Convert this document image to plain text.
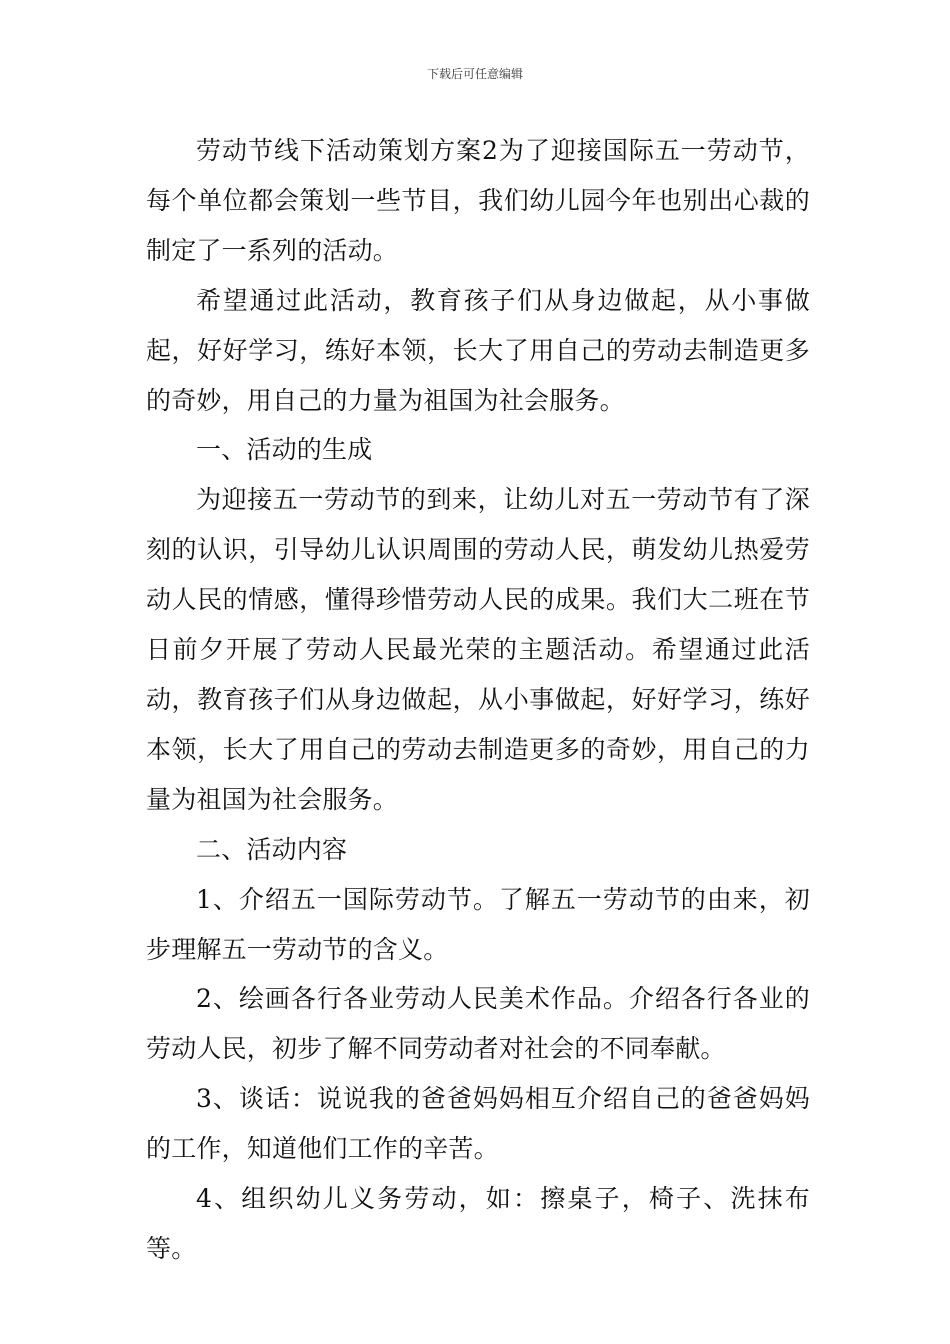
下载后可任意编辑

劳动节线下活动策划方案2为了迎接国际五一劳动节，每个单位都会策划一些节目，我们幼儿园今年也别出心裁的制定了一系列的活动。

希望通过此活动，教育孩子们从身边做起，从小事做起，好好学习，练好本领，长大了用自己的劳动去制造更多的奇妙，用自己的力量为祖国为社会服务。

一、活动的生成

为迎接五一劳动节的到来，让幼儿对五一劳动节有了深刻的认识，引导幼儿认识周围的劳动人民，萌发幼儿热爱劳动人民的情感，懂得珍惜劳动人民的成果。我们大二班在节日前夕开展了劳动人民最光荣的主题活动。希望通过此活动，教育孩子们从身边做起，从小事做起，好好学习，练好本领，长大了用自己的劳动去制造更多的奇妙，用自己的力量为祖国为社会服务。

二、活动内容

1、介绍五一国际劳动节。了解五一劳动节的由来，初步理解五一劳动节的含义。

2、绘画各行各业劳动人民美术作品。介绍各行各业的劳动人民，初步了解不同劳动者对社会的不同奉献。

3、谈话：说说我的爸爸妈妈相互介绍自己的爸爸妈妈的工作，知道他们工作的辛苦。

4、组织幼儿义务劳动，如：擦桌子，椅子、洗抹布等。
